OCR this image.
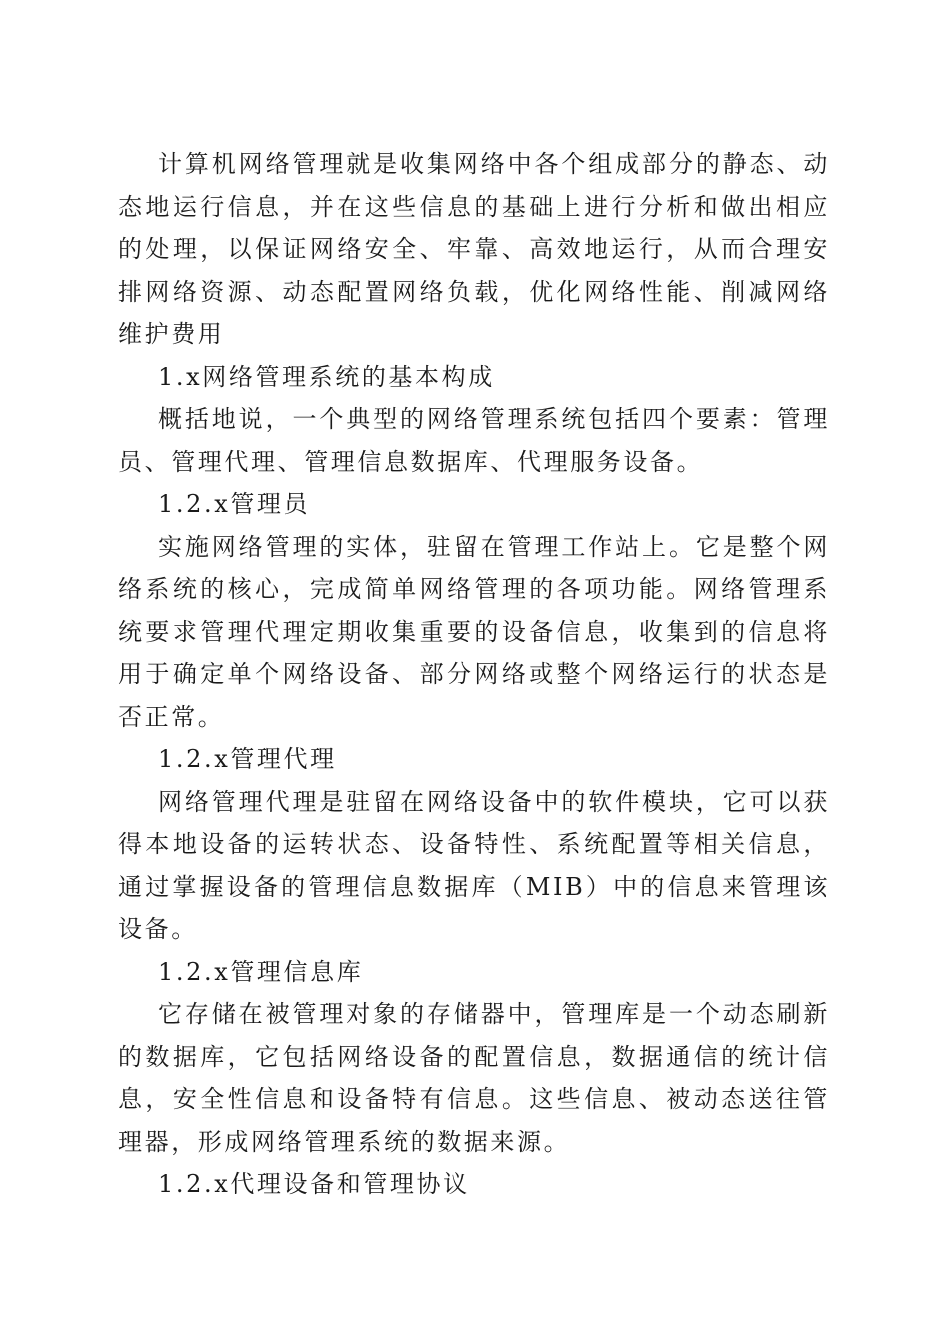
计算机网络管理就是收集网络中各个组成部分的静态、动态地运行信息，并在这些信息的基础上进行分析和做出相应的处理，以保证网络安全、牢靠、高效地运行，从而合理安排网络资源、动态配置网络负载，优化网络性能、削减网络维护费用

1.x网络管理系统的基本构成

概括地说，一个典型的网络管理系统包括四个要素：管理员、管理代理、管理信息数据库、代理服务设备。

1.2.x管理员

实施网络管理的实体，驻留在管理工作站上。它是整个网络系统的核心，完成简单网络管理的各项功能。网络管理系统要求管理代理定期收集重要的设备信息，收集到的信息将用于确定单个网络设备、部分网络或整个网络运行的状态是否正常。

1.2.x管理代理

网络管理代理是驻留在网络设备中的软件模块，它可以获得本地设备的运转状态、设备特性、系统配置等相关信息，通过掌握设备的管理信息数据库（MIB）中的信息来管理该设备。

1.2.x管理信息库

它存储在被管理对象的存储器中，管理库是一个动态刷新的数据库，它包括网络设备的配置信息，数据通信的统计信息，安全性信息和设备特有信息。这些信息、被动态送往管理器，形成网络管理系统的数据来源。

1.2.x代理设备和管理协议
